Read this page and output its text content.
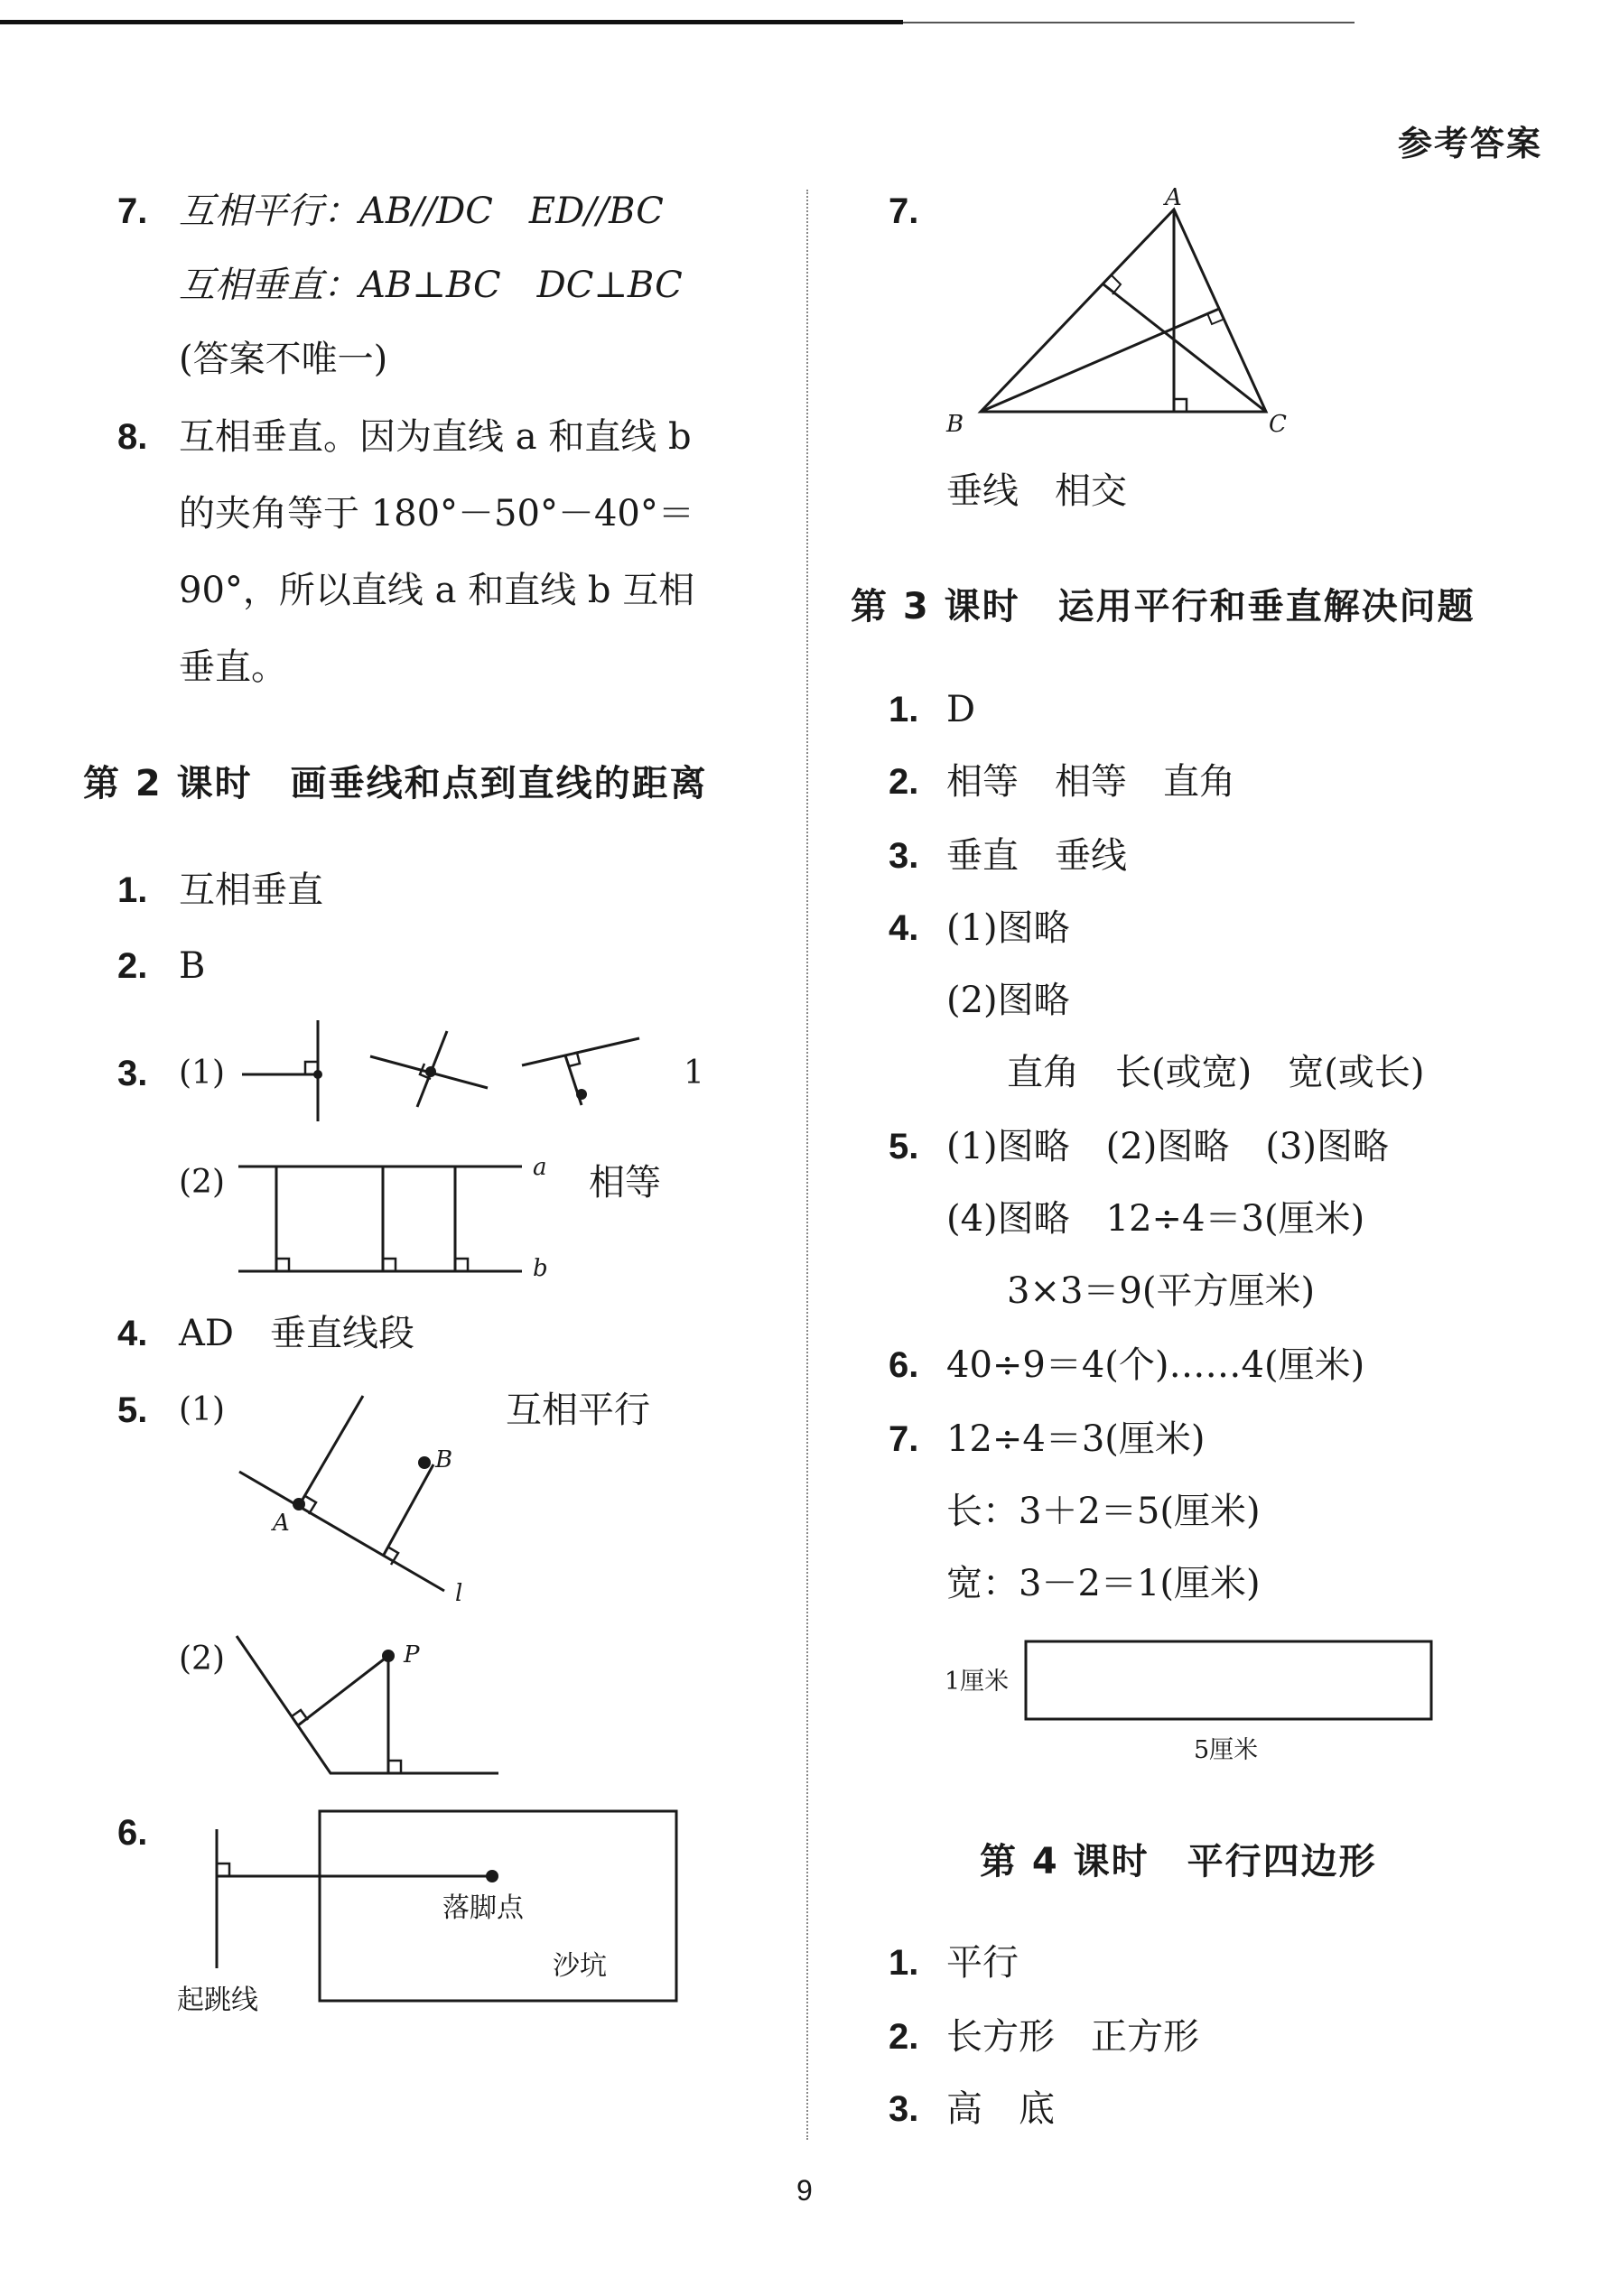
参考答案
7. 互相平行：AB//DC　ED//BC
互相垂直：AB⊥BC　DC⊥BC
(答案不唯一)
8. 互相垂直。因为直线 a 和直线 b
的夹角等于 180°－50°－40°＝
90°，所以直线 a 和直线 b 互相
垂直。
第 2 课时　画垂线和点到直线的距离
1. 互相垂直
2. B
3. (1)	1
(2)	相等
a
b
4. AD　垂直线段
5. (1)	互相平行
B
A
l
(2)	P
6.
落脚点
沙坑
起跳线
7.	A
B	C
垂线　相交
第 3 课时　运用平行和垂直解决问题
1. D
2. 相等　相等　直角
3. 垂直　垂线
4. (1)图略
(2)图略
直角　长(或宽)　宽(或长)
5. (1)图略　(2)图略　(3)图略
(4)图略　12÷4＝3(厘米)
3×3＝9(平方厘米)
6. 40÷9＝4(个)……4(厘米)
7. 12÷4＝3(厘米)
长：3＋2＝5(厘米)
宽：3－2＝1(厘米)
1厘米
5厘米
第 4 课时　平行四边形
1. 平行
2. 长方形　正方形
3. 高　底
9
